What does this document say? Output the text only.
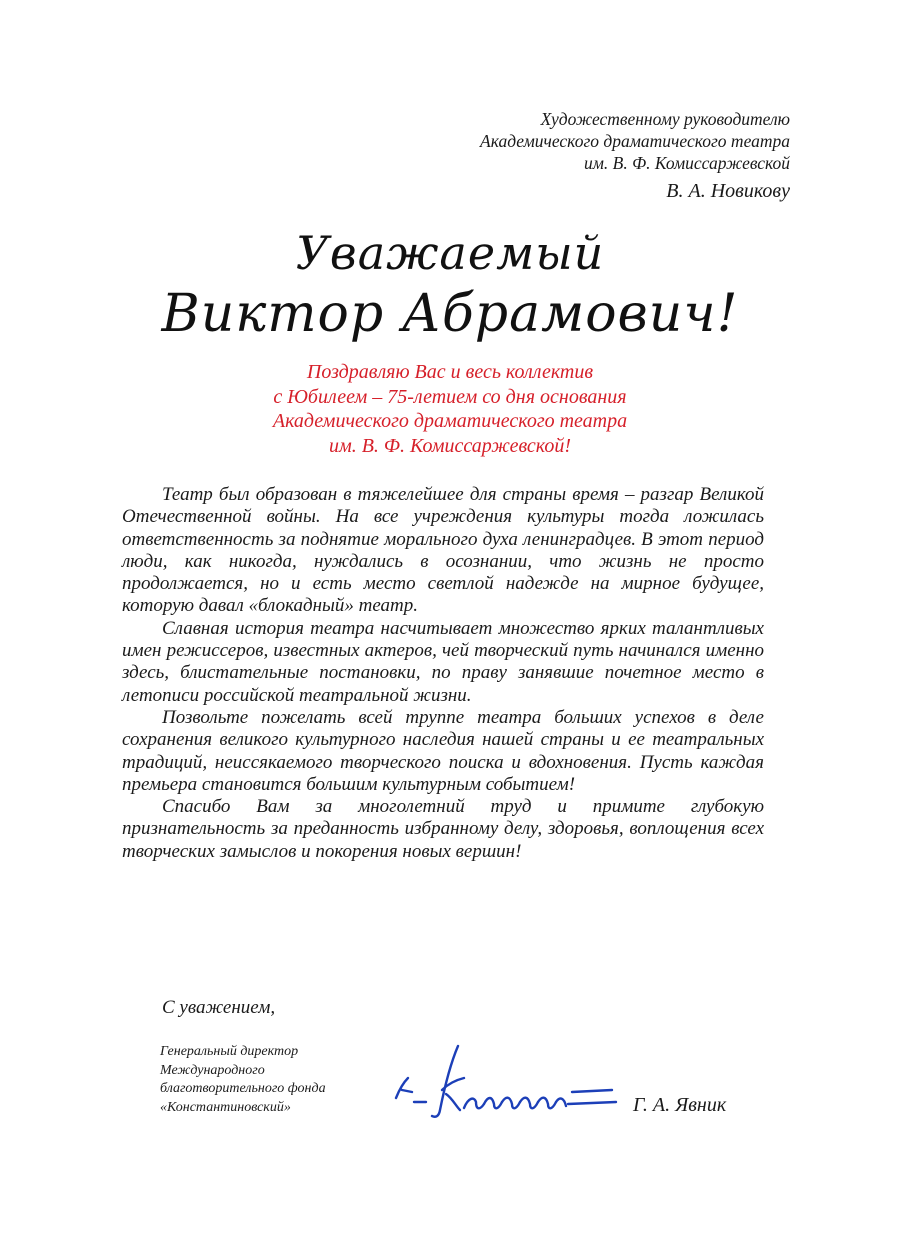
Художественному руководителю
Академического драматического театра
им. В. Ф. Комиссаржевской
В. А. Новикову
Уважаемый
Виктор Абрамович!
Поздравляю Вас и весь коллектив
с Юбилеем – 75-летием со дня основания
Академического драматического театра
им. В. Ф. Комиссаржевской!

Театр был образован в тяжелейшее для страны время – разгар Великой Отечественной войны. На все учреждения культуры тогда ложилась ответственность за поднятие морального духа ленинградцев. В этот период люди, как никогда, нуждались в осознании, что жизнь не просто продолжается, но и есть место светлой надежде на мирное будущее, которую давал «блокадный» театр.

Славная история театра насчитывает множество ярких талантливых имен режиссеров, известных актеров, чей творческий путь начинался именно здесь, блистательные постановки, по праву занявшие почетное место в летописи российской театральной жизни.

Позвольте пожелать всей труппе театра больших успехов в деле сохранения великого культурного наследия нашей страны и ее театральных традиций, неиссякаемого творческого поиска и вдохновения. Пусть каждая премьера становится большим культурным событием!

Спасибо Вам за многолетний труд и примите глубокую признательность за преданность избранному делу, здоровья, воплощения всех творческих замыслов и покорения новых вершин!

С уважением,
Генеральный директор
Международного
благотворительного фонда
«Константиновский»	Г. А. Явник
